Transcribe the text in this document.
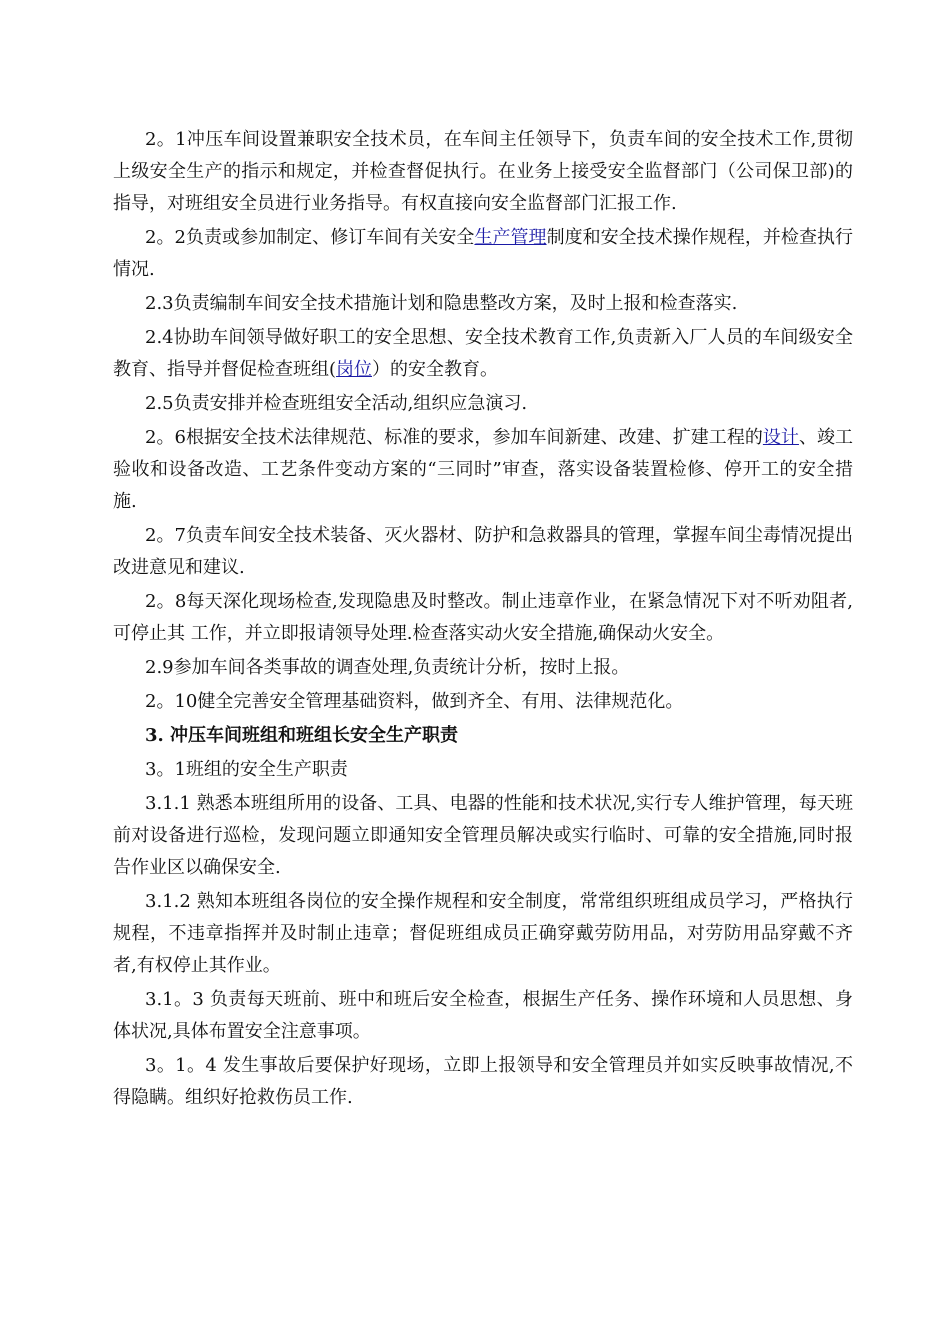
2。1冲压车间设置兼职安全技术员，在车间主任领导下，负责车间的安全技术工作,贯彻上级安全生产的指示和规定，并检查督促执行。在业务上接受安全监督部门（公司保卫部)的指导，对班组安全员进行业务指导。有权直接向安全监督部门汇报工作.

2。2负责或参加制定、修订车间有关安全生产管理制度和安全技术操作规程，并检查执行情况.

2.3负责编制车间安全技术措施计划和隐患整改方案，及时上报和检查落实.

2.4协助车间领导做好职工的安全思想、安全技术教育工作,负责新入厂人员的车间级安全教育、指导并督促检查班组(岗位）的安全教育。

2.5负责安排并检查班组安全活动,组织应急演习.

2。6根据安全技术法律规范、标准的要求，参加车间新建、改建、扩建工程的设计、竣工验收和设备改造、工艺条件变动方案的“三同时”审查，落实设备装置检修、停开工的安全措施.

2。7负责车间安全技术装备、灭火器材、防护和急救器具的管理，掌握车间尘毒情况提出改进意见和建议.

2。8每天深化现场检查,发现隐患及时整改。制止违章作业，在紧急情况下对不听劝阻者,可停止其 工作，并立即报请领导处理.检查落实动火安全措施,确保动火安全。

2.9参加车间各类事故的调查处理,负责统计分析，按时上报。

2。10健全完善安全管理基础资料，做到齐全、有用、法律规范化。

3. 冲压车间班组和班组长安全生产职责

3。1班组的安全生产职责

3.1.1 熟悉本班组所用的设备、工具、电器的性能和技术状况,实行专人维护管理，每天班前对设备进行巡检，发现问题立即通知安全管理员解决或实行临时、可靠的安全措施,同时报告作业区以确保安全.

3.1.2 熟知本班组各岗位的安全操作规程和安全制度，常常组织班组成员学习，严格执行规程，不违章指挥并及时制止违章；督促班组成员正确穿戴劳防用品，对劳防用品穿戴不齐者,有权停止其作业。

3.1。3 负责每天班前、班中和班后安全检查，根据生产任务、操作环境和人员思想、身体状况,具体布置安全注意事项。

3。1。4 发生事故后要保护好现场，立即上报领导和安全管理员并如实反映事故情况,不得隐瞒。组织好抢救伤员工作.
